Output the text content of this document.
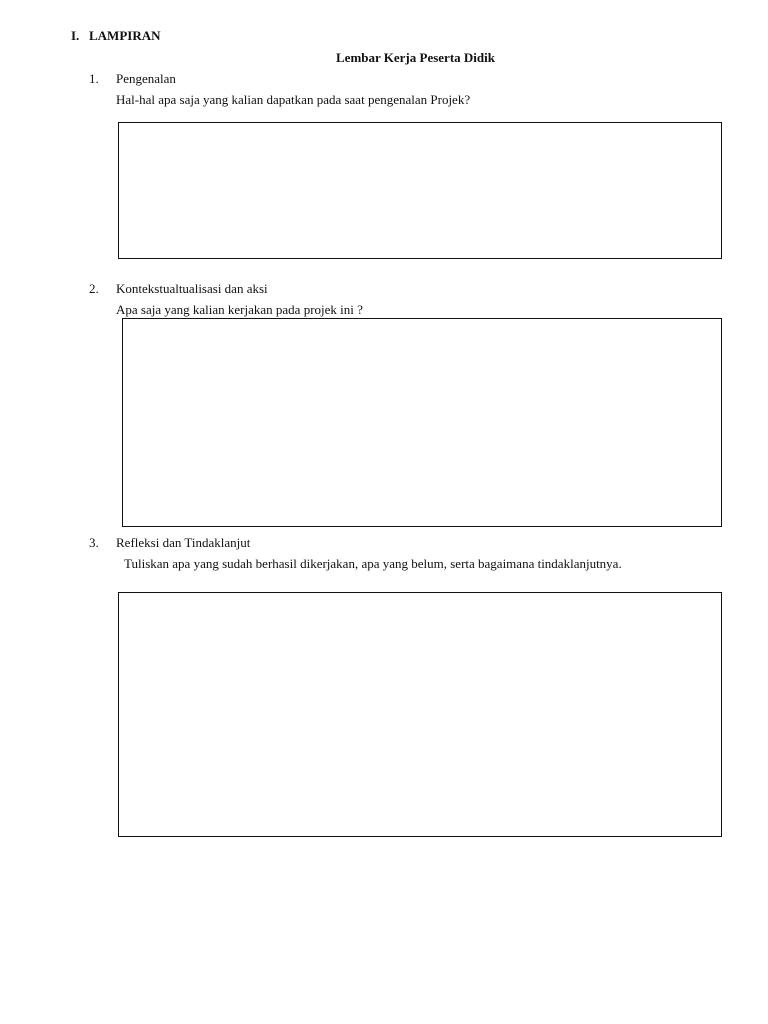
I. LAMPIRAN
Lembar Kerja Peserta Didik
1. Pengenalan
Hal-hal apa saja yang kalian dapatkan pada saat pengenalan Projek?
2. Kontekstualtualisasi dan aksi
Apa saja yang kalian kerjakan pada projek ini ?
3. Refleksi dan Tindaklanjut
Tuliskan apa yang sudah berhasil dikerjakan, apa yang belum, serta bagaimana tindaklanjutnya.
